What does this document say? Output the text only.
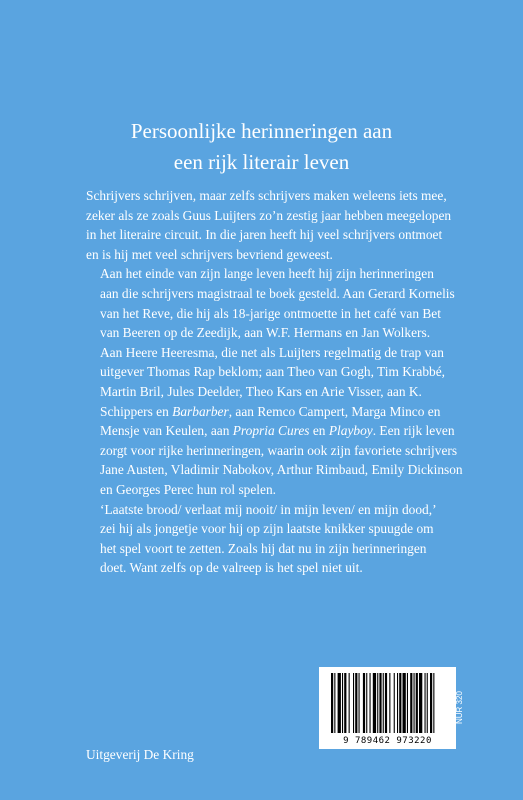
Persoonlijke herinneringen aan
een rijk literair leven

Schrijvers schrijven, maar zelfs schrijvers maken weleens iets mee,
zeker als ze zoals Guus Luijters zo’n zestig jaar hebben meegelopen
in het literaire circuit. In die jaren heeft hij veel schrijvers ontmoet
en is hij met veel schrijvers bevriend geweest.

Aan het einde van zijn lange leven heeft hij zijn herinneringen
aan die schrijvers magistraal te boek gesteld. Aan Gerard Kornelis
van het Reve, die hij als 18-jarige ontmoette in het café van Bet
van Beeren op de Zeedijk, aan W.F. Hermans en Jan Wolkers.
Aan Heere Heeresma, die net als Luijters regelmatig de trap van
uitgever Thomas Rap beklom; aan Theo van Gogh, Tim Krabbé,
Martin Bril, Jules Deelder, Theo Kars en Arie Visser, aan K.
Schippers en Barbarber, aan Remco Campert, Marga Minco en
Mensje van Keulen, aan Propria Cures en Playboy. Een rijk leven
zorgt voor rijke herinneringen, waarin ook zijn favoriete schrijvers
Jane Austen, Vladimir Nabokov, Arthur Rimbaud, Emily Dickinson
en Georges Perec hun rol spelen.

‘Laatste brood/ verlaat mij nooit/ in mijn leven/ en mijn dood,’
zei hij als jongetje voor hij op zijn laatste knikker spuugde om
het spel voort te zetten. Zoals hij dat nu in zijn herinneringen
doet. Want zelfs op de valreep is het spel niet uit.

Uitgeverij De Kring
9 789462 973220
NUR 320
